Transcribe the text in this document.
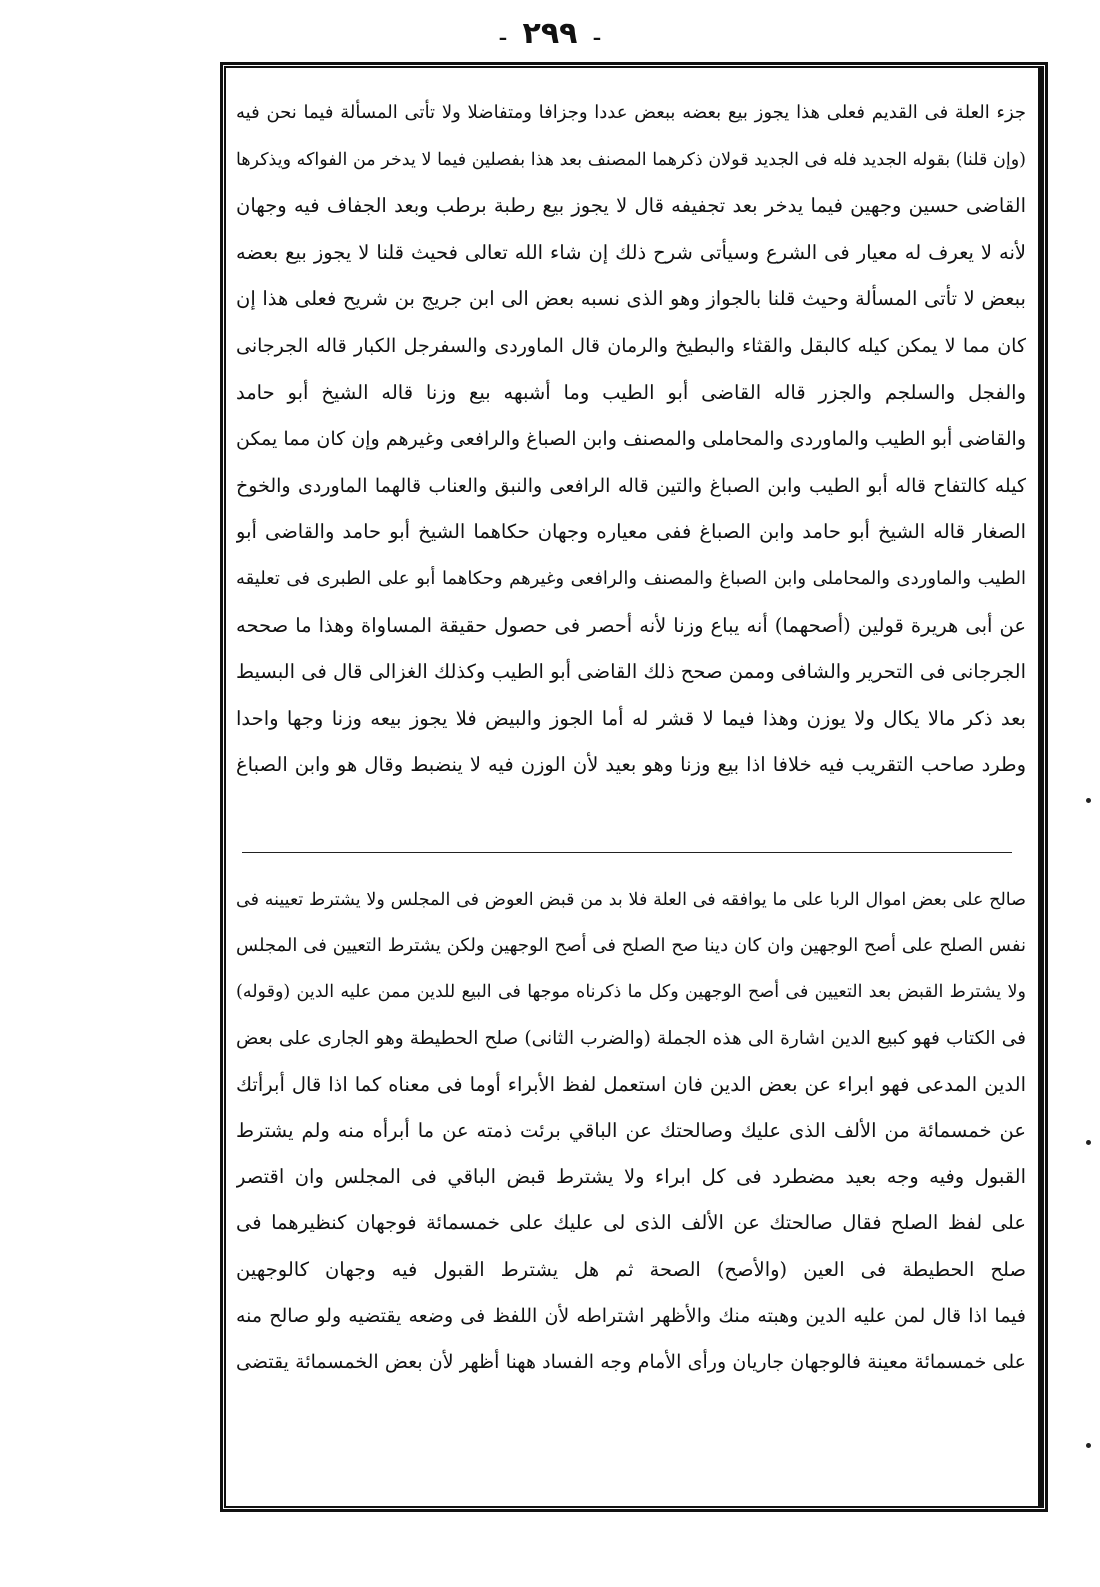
ـ ٢٩٩ ـ
جزء العلة فى القديم فعلى هذا يجوز بيع بعضه ببعض عددا وجزافا ومتفاضلا ولا تأتى المسألة فيما نحن فيه
(وإن قلنا) بقوله الجديد فله فى الجديد قولان ذكرهما المصنف بعد هذا بفصلين فيما لا يدخر من الفواكه ويذكرها
القاضى حسين وجهين فيما يدخر بعد تجفيفه قال لا يجوز بيع رطبة برطب وبعد الجفاف فيه وجهان
لأنه لا يعرف له معيار فى الشرع وسيأتى شرح ذلك إن شاء الله تعالى فحيث قلنا لا يجوز بيع بعضه
ببعض لا تأتى المسألة وحيث قلنا بالجواز وهو الذى نسبه بعض الى ابن جريج بن شريح فعلى هذا إن
كان مما لا يمكن كيله كالبقل والقثاء والبطيخ والرمان قال الماوردى والسفرجل الكبار قاله الجرجانى
والفجل والسلجم والجزر قاله القاضى أبو الطيب وما أشبهه بيع وزنا قاله الشيخ أبو حامد
والقاضى أبو الطيب والماوردى والمحاملى والمصنف وابن الصباغ والرافعى وغيرهم وإن كان مما يمكن
كيله كالتفاح قاله أبو الطيب وابن الصباغ والتين قاله الرافعى والنبق والعناب قالهما الماوردى والخوخ
الصغار قاله الشيخ أبو حامد وابن الصباغ ففى معياره وجهان حكاهما الشيخ أبو حامد والقاضى أبو
الطيب والماوردى والمحاملى وابن الصباغ والمصنف والرافعى وغيرهم وحكاهما أبو على الطبرى فى تعليقه
عن أبى هريرة قولين (أصحهما) أنه يباع وزنا لأنه أحصر فى حصول حقيقة المساواة وهذا ما صححه
الجرجانى فى التحرير والشافى وممن صحح ذلك القاضى أبو الطيب وكذلك الغزالى قال فى البسيط
بعد ذكر مالا يكال ولا يوزن وهذا فيما لا قشر له أما الجوز والبيض فلا يجوز بيعه وزنا وجها واحدا
وطرد صاحب التقريب فيه خلافا اذا بيع وزنا وهو بعيد لأن الوزن فيه لا ينضبط وقال هو وابن الصباغ
صالح على بعض اموال الربا على ما يوافقه فى العلة فلا بد من قبض العوض فى المجلس ولا يشترط تعيينه فى
نفس الصلح على أصح الوجهين وان كان دينا صح الصلح فى أصح الوجهين ولكن يشترط التعيين فى المجلس
ولا يشترط القبض بعد التعيين فى أصح الوجهين وكل ما ذكرناه موجها فى البيع للدين ممن عليه الدين (وقوله)
فى الكتاب فهو كبيع الدين اشارة الى هذه الجملة (والضرب الثانى) صلح الحطيطة وهو الجارى على بعض
الدين المدعى فهو ابراء عن بعض الدين فان استعمل لفظ الأبراء أوما فى معناه كما اذا قال أبرأتك
عن خمسمائة من الألف الذى عليك وصالحتك عن الباقي برئت ذمته عن ما أبرأه منه ولم يشترط
القبول وفيه وجه بعيد مضطرد فى كل ابراء ولا يشترط قبض الباقي فى المجلس وان اقتصر
على لفظ الصلح فقال صالحتك عن الألف الذى لى عليك على خمسمائة فوجهان كنظيرهما فى
صلح الحطيطة فى العين (والأصح) الصحة ثم هل يشترط القبول فيه وجهان كالوجهين
فيما اذا قال لمن عليه الدين وهبته منك والأظهر اشتراطه لأن اللفظ فى وضعه يقتضيه ولو صالح منه
على خمسمائة معينة فالوجهان جاريان ورأى الأمام وجه الفساد ههنا أظهر لأن بعض الخمسمائة يقتضى
